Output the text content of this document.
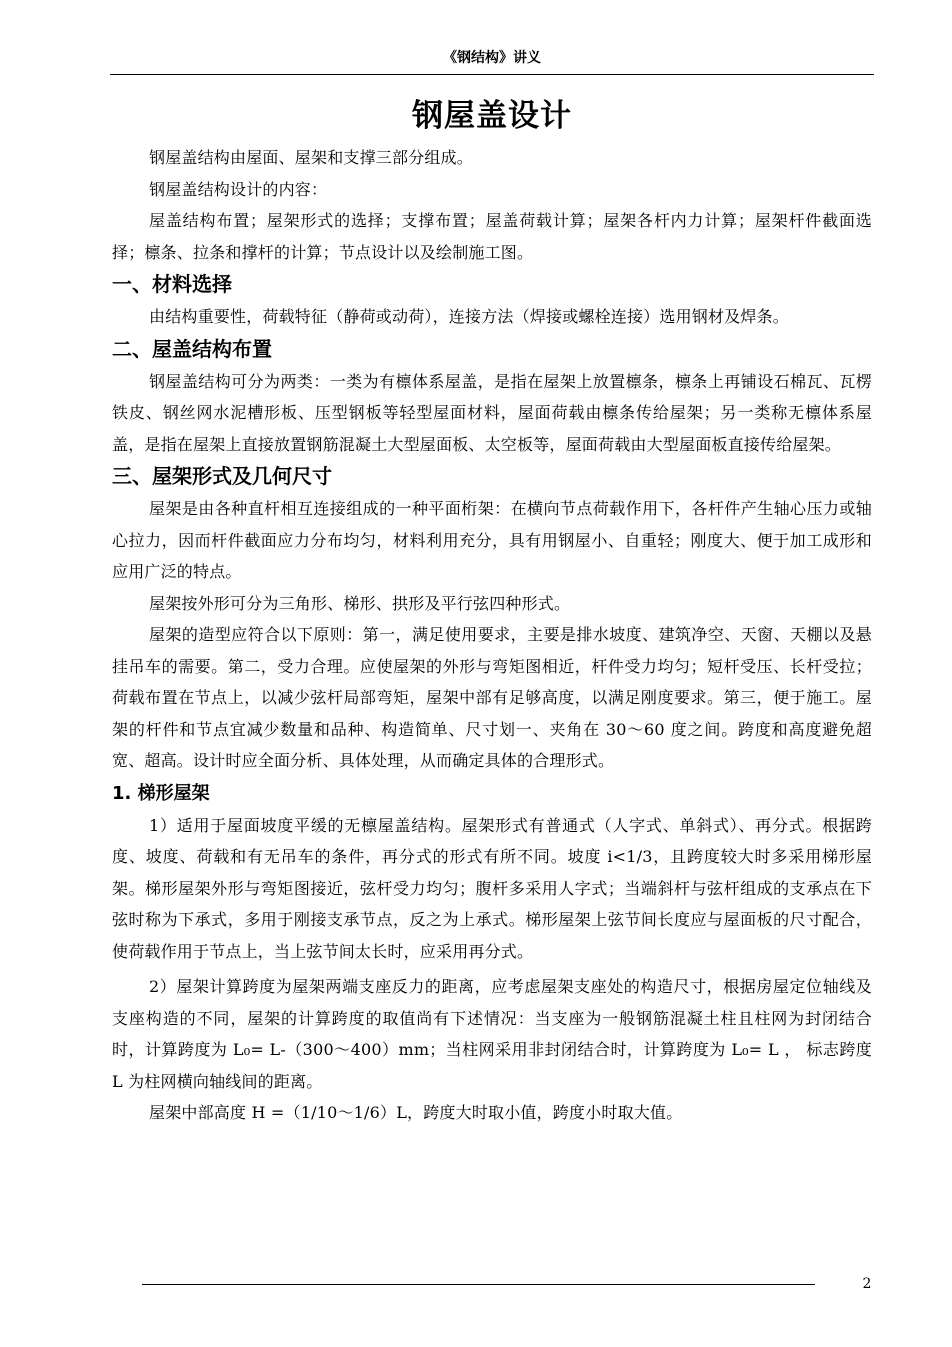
《钢结构》讲义
钢屋盖设计

钢屋盖结构由屋面、屋架和支撑三部分组成。

钢屋盖结构设计的内容：

屋盖结构布置；屋架形式的选择；支撑布置；屋盖荷载计算；屋架各杆内力计算；屋架杆件截面选择；檩条、拉条和撑杆的计算；节点设计以及绘制施工图。

一、材料选择

由结构重要性，荷载特征（静荷或动荷），连接方法（焊接或螺栓连接）选用钢材及焊条。

二、屋盖结构布置

钢屋盖结构可分为两类：一类为有檩体系屋盖，是指在屋架上放置檩条，檩条上再铺设石棉瓦、瓦楞铁皮、钢丝网水泥槽形板、压型钢板等轻型屋面材料，屋面荷载由檩条传给屋架；另一类称无檩体系屋盖，是指在屋架上直接放置钢筋混凝土大型屋面板、太空板等，屋面荷载由大型屋面板直接传给屋架。

三、屋架形式及几何尺寸

屋架是由各种直杆相互连接组成的一种平面桁架：在横向节点荷载作用下，各杆件产生轴心压力或轴心拉力，因而杆件截面应力分布均匀，材料利用充分，具有用钢屋小、自重轻；刚度大、便于加工成形和应用广泛的特点。

屋架按外形可分为三角形、梯形、拱形及平行弦四种形式。

屋架的造型应符合以下原则：第一，满足使用要求，主要是排水坡度、建筑净空、天窗、天棚以及悬挂吊车的需要。第二，受力合理。应使屋架的外形与弯矩图相近，杆件受力均匀；短杆受压、长杆受拉；荷载布置在节点上，以减少弦杆局部弯矩，屋架中部有足够高度，以满足刚度要求。第三，便于施工。屋架的杆件和节点宜减少数量和品种、构造简单、尺寸划一、夹角在 30～60 度之间。跨度和高度避免超宽、超高。设计时应全面分析、具体处理，从而确定具体的合理形式。

1. 梯形屋架

1）适用于屋面坡度平缓的无檩屋盖结构。屋架形式有普通式（人字式、单斜式）、再分式。根据跨度、坡度、荷载和有无吊车的条件，再分式的形式有所不同。坡度 i<1/3，且跨度较大时多采用梯形屋架。梯形屋架外形与弯矩图接近，弦杆受力均匀；腹杆多采用人字式；当端斜杆与弦杆组成的支承点在下弦时称为下承式，多用于刚接支承节点，反之为上承式。梯形屋架上弦节间长度应与屋面板的尺寸配合，使荷载作用于节点上，当上弦节间太长时，应采用再分式。

2）屋架计算跨度为屋架两端支座反力的距离，应考虑屋架支座处的构造尺寸，根据房屋定位轴线及支座构造的不同，屋架的计算跨度的取值尚有下述情况：当支座为一般钢筋混凝土柱且柱网为封闭结合时，计算跨度为 L₀= L-（300～400）mm；当柱网采用非封闭结合时，计算跨度为 L₀= L ， 标志跨度 L 为柱网横向轴线间的距离。

屋架中部高度 H =（1/10～1/6）L，跨度大时取小值，跨度小时取大值。

2
